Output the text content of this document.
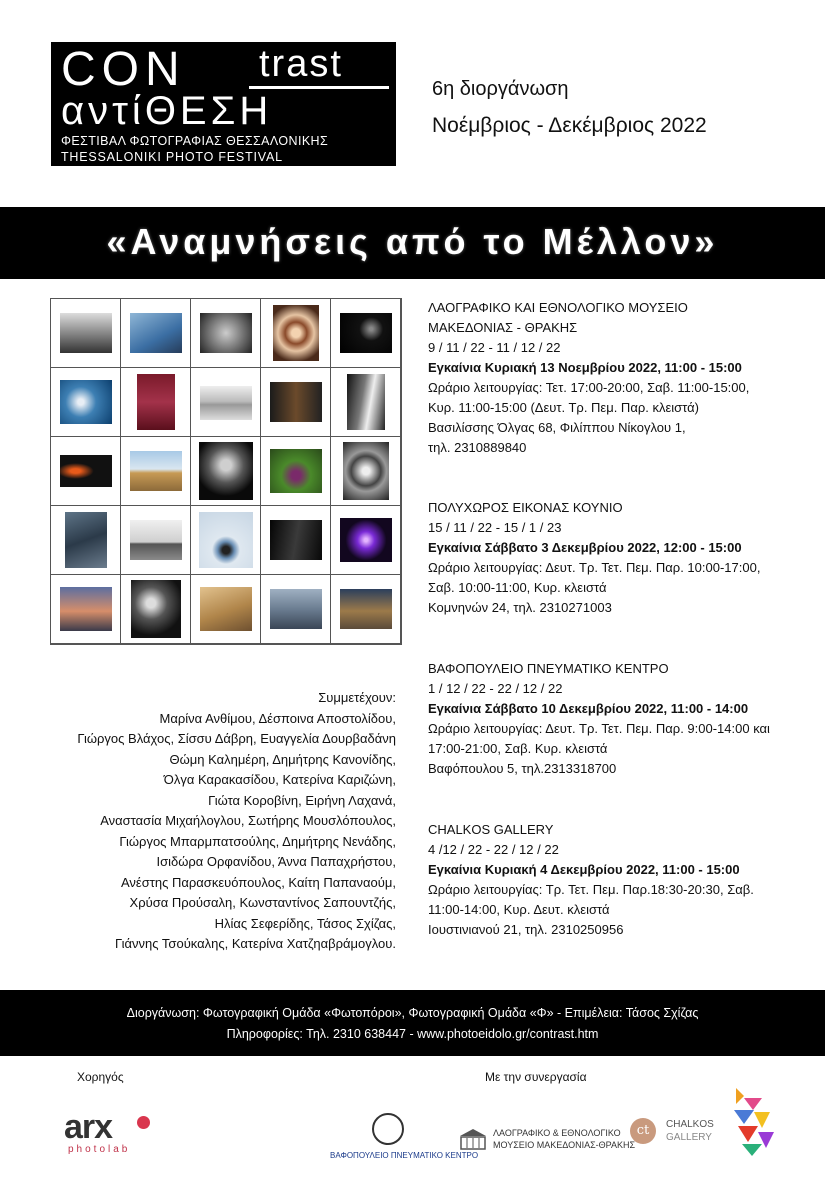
CON trast
αντίΘΕΣΗ
ΦΕΣΤΙΒΑΛ ΦΩΤΟΓΡΑΦΙΑΣ ΘΕΣΣΑΛΟΝΙΚΗΣ
THESSALONIKI PHOTO FESTIVAL
6η διοργάνωση
Νοέμβριος - Δεκέμβριος 2022
«Αναμνήσεις από το Μέλλον»
Συμμετέχουν:
Μαρίνα Ανθίμου, Δέσποινα Αποστολίδου,
Γιώργος Βλάχος, Σίσσυ Δάβρη, Ευαγγελία Δουρβαδάνη
Θώμη Καλημέρη, Δημήτρης Κανονίδης,
Όλγα Καρακασίδου, Κατερίνα Καριζώνη,
Γιώτα Κοροβίνη, Ειρήνη Λαχανά,
Αναστασία Μιχαήλογλου, Σωτήρης Μουσλόπουλος,
Γιώργος Μπαρμπατσούλης, Δημήτρης Νενάδης,
Ισιδώρα Ορφανίδου, Άννα Παπαχρήστου,
Ανέστης Παρασκευόπουλος, Καίτη Παπαναούμ,
Χρύσα Προύσαλη, Κωνσταντίνος Σαπουντζής,
Ηλίας Σεφερίδης, Τάσος Σχίζας,
Γιάννης Τσούκαλης, Κατερίνα Χατζηαβράμογλου.
ΛΑΟΓΡΑΦΙΚΟ ΚΑΙ ΕΘΝΟΛΟΓΙΚΟ ΜΟΥΣΕΙΟ
ΜΑΚΕΔΟΝΙΑΣ - ΘΡΑΚΗΣ
9 / 11 / 22 - 11 / 12 / 22
Εγκαίνια Κυριακή 13 Νοεμβρίου 2022, 11:00 - 15:00
Ωράριο λειτουργίας: Τετ. 17:00-20:00, Σαβ. 11:00-15:00,
Κυρ. 11:00-15:00 (Δευτ. Τρ. Πεμ. Παρ. κλειστά)
Βασιλίσσης Όλγας 68, Φιλίππου Νίκογλου 1,
τηλ. 2310889840
ΠΟΛΥΧΩΡΟΣ ΕΙΚΟΝΑΣ ΚΟΥΝΙΟ
15 / 11 / 22 - 15 / 1 / 23
Εγκαίνια Σάββατο 3 Δεκεμβρίου 2022, 12:00 - 15:00
Ωράριο λειτουργίας: Δευτ. Τρ. Τετ. Πεμ. Παρ. 10:00-17:00,
Σαβ. 10:00-11:00, Κυρ. κλειστά
Κομνηνών 24, τηλ. 2310271003
ΒΑΦΟΠΟΥΛΕΙΟ ΠΝΕΥΜΑΤΙΚΟ ΚΕΝΤΡΟ
1 / 12 / 22 - 22 / 12 / 22
Εγκαίνια Σάββατο 10 Δεκεμβρίου 2022, 11:00 - 14:00
Ωράριο λειτουργίας: Δευτ. Τρ. Τετ. Πεμ. Παρ. 9:00-14:00 και
17:00-21:00, Σαβ. Κυρ. κλειστά
Βαφόπουλου 5, τηλ.2313318700
CHALKOS GALLERY
4 /12 / 22 - 22 / 12 / 22
Εγκαίνια Κυριακή 4 Δεκεμβρίου 2022, 11:00 - 15:00
Ωράριο λειτουργίας: Τρ. Τετ. Πεμ. Παρ.18:30-20:30, Σαβ.
11:00-14:00, Κυρ. Δευτ. κλειστά
Ιουστινιανού 21, τηλ. 2310250956
Διοργάνωση: Φωτογραφική Ομάδα «Φωτοπόροι», Φωτογραφική Ομάδα «Φ» - Επιμέλεια: Τάσος Σχίζας
Πληροφορίες: Τηλ. 2310 638447 - www.photoeidolo.gr/contrast.htm
Χορηγός	Με την συνεργασία
arx
photolab
ΒΑΦΟΠΟΥΛΕΙΟ ΠΝΕΥΜΑΤΙΚΟ ΚΕΝΤΡΟ
ΛΑΟΓΡΑΦΙΚΟ & ΕΘΝΟΛΟΓΙΚΟ
ΜΟΥΣΕΙΟ ΜΑΚΕΔΟΝΙΑΣ-ΘΡΑΚΗΣ
ct	CHALKOS
GALLERY
